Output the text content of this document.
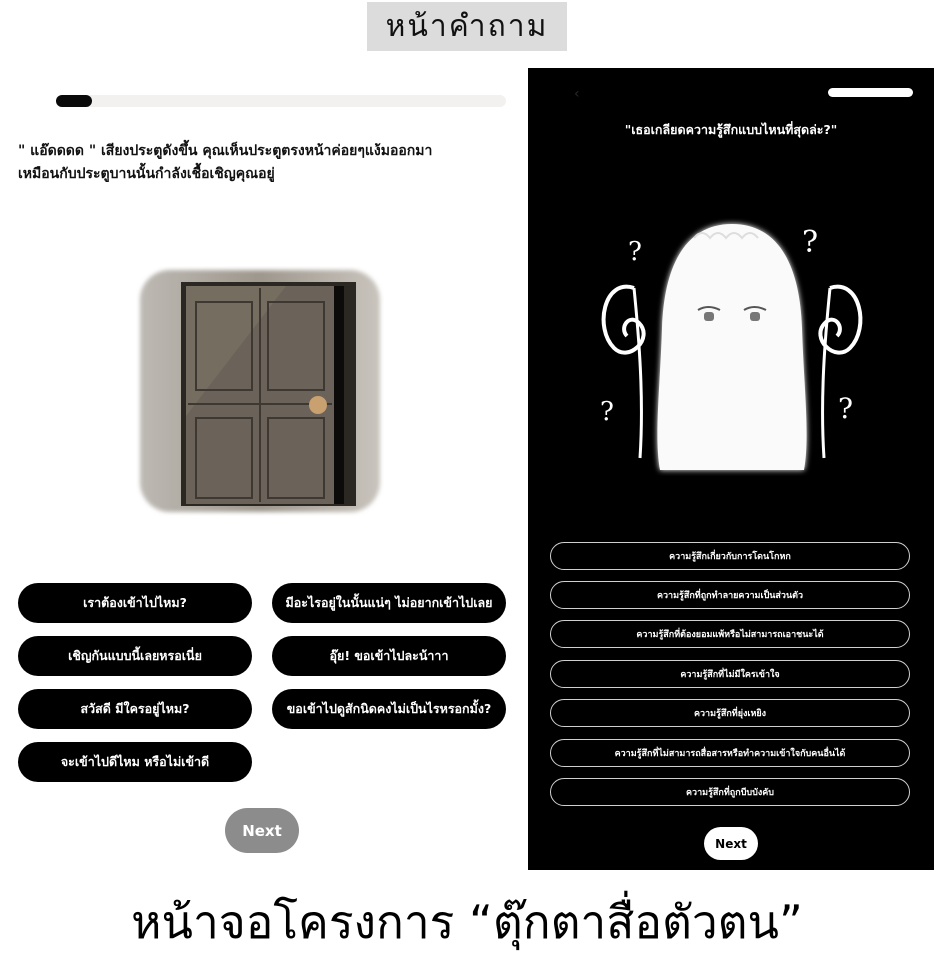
หน้าคำถาม
" แอ๊ดดดด " เสียงประตูดังขึ้น คุณเห็นประตูตรงหน้าค่อยๆแง้มออกมา
เหมือนกับประตูบานนั้นกำลังเชื้อเชิญคุณอยู่
เราต้องเข้าไปไหม?	มีอะไรอยู่ในนั้นแน่ๆ ไม่อยากเข้าไปเลย
เชิญกันแบบนี้เลยหรอเนี่ย	อุ๊ย! ขอเข้าไปละน้าาา
สวัสดี มีใครอยู่ไหม?	ขอเข้าไปดูสักนิดคงไม่เป็นไรหรอกมั้ง?
จะเข้าไปดีไหม หรือไม่เข้าดี
Next
‹
"เธอเกลียดความรู้สึกแบบไหนที่สุดล่ะ?"
?	?
?	?
ความรู้สึกเกี่ยวกับการโดนโกหก
ความรู้สึกที่ถูกทำลายความเป็นส่วนตัว
ความรู้สึกที่ต้องยอมแพ้หรือไม่สามารถเอาชนะได้
ความรู้สึกที่ไม่มีใครเข้าใจ
ความรู้สึกที่ยุ่งเหยิง
ความรู้สึกที่ไม่สามารถสื่อสารหรือทำความเข้าใจกับคนอื่นได้
ความรู้สึกที่ถูกบีบบังคับ
Next
หน้าจอโครงการ “ตุ๊กตาสื่อตัวตน”
